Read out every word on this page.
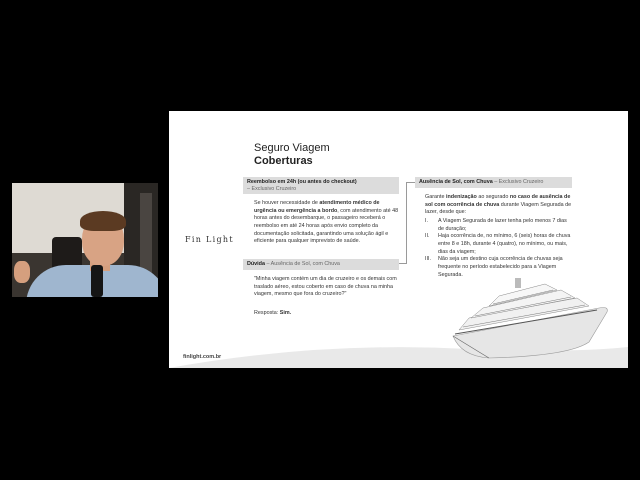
Fin Light
finlight.com.br
Seguro Viagem
Coberturas
Reembolso em 24h (ou antes do checkout)
– Exclusivo Cruzeiro
Se houver necessidade de atendimento médico de urgência ou emergência a bordo, com atendimento até 48 horas antes do desembarque, o passageiro receberá o reembolso em até 24 horas após envio completo da documentação solicitada, garantindo uma solução ágil e eficiente para qualquer imprevisto de saúde.
Dúvida – Ausência de Sol, com Chuva
"Minha viagem contém um dia de cruzeiro e os demais com traslado aéreo, estou coberto em caso de chuva na minha viagem, mesmo que fora do cruzeiro?"
Resposta: Sim.
Ausência de Sol, com Chuva – Exclusivo Cruzeiro
Garante indenização ao segurado no caso de ausência de sol com ocorrência de chuva durante Viagem Segurada de lazer, desde que:
I. A Viagem Segurada de lazer tenha pelo menos 7 dias de duração;
II. Haja ocorrência de, no mínimo, 6 (seis) horas de chuva entre 8 e 18h, durante 4 (quatro), no mínimo, ou mais, dias da viagem;
III. Não seja um destino cuja ocorrência de chuvas seja frequente no período estabelecido para a Viagem Segurada.
